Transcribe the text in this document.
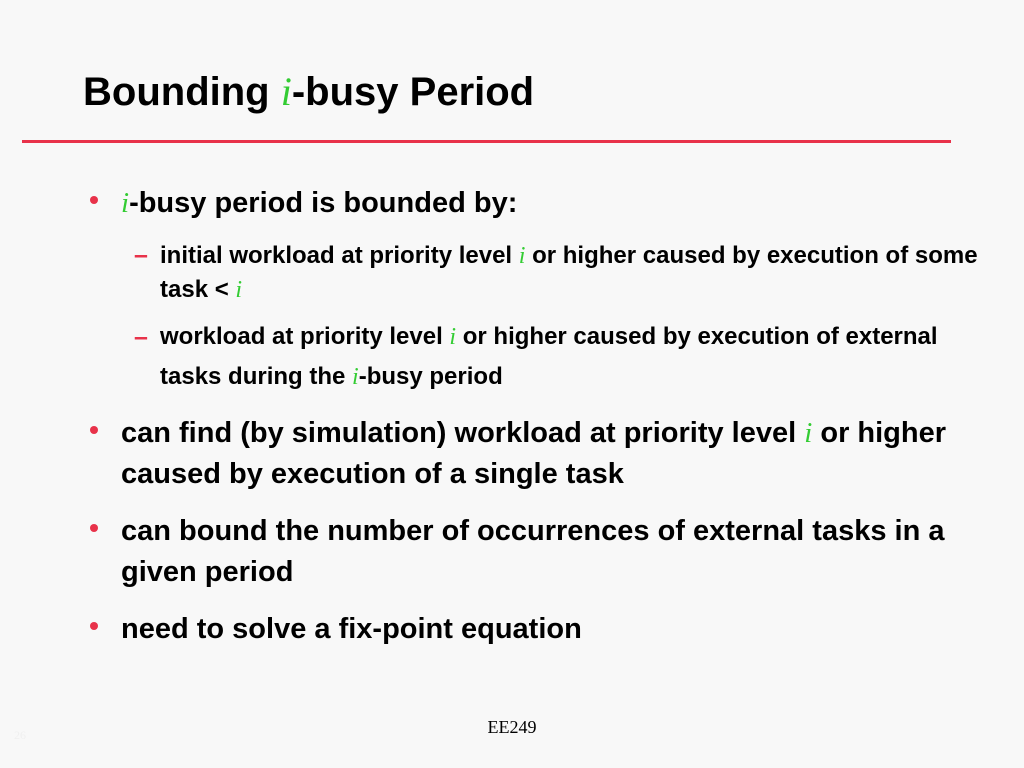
Bounding i-busy Period
i-busy period is bounded by:
– initial workload at priority level i or higher caused by execution of some task < i
– workload at priority level i or higher caused by execution of external tasks during the i-busy period
can find (by simulation) workload at priority level i or higher caused by execution of a single task
can bound the number of occurrences of external tasks in a given period
need to solve a fix-point equation
EE249
26
